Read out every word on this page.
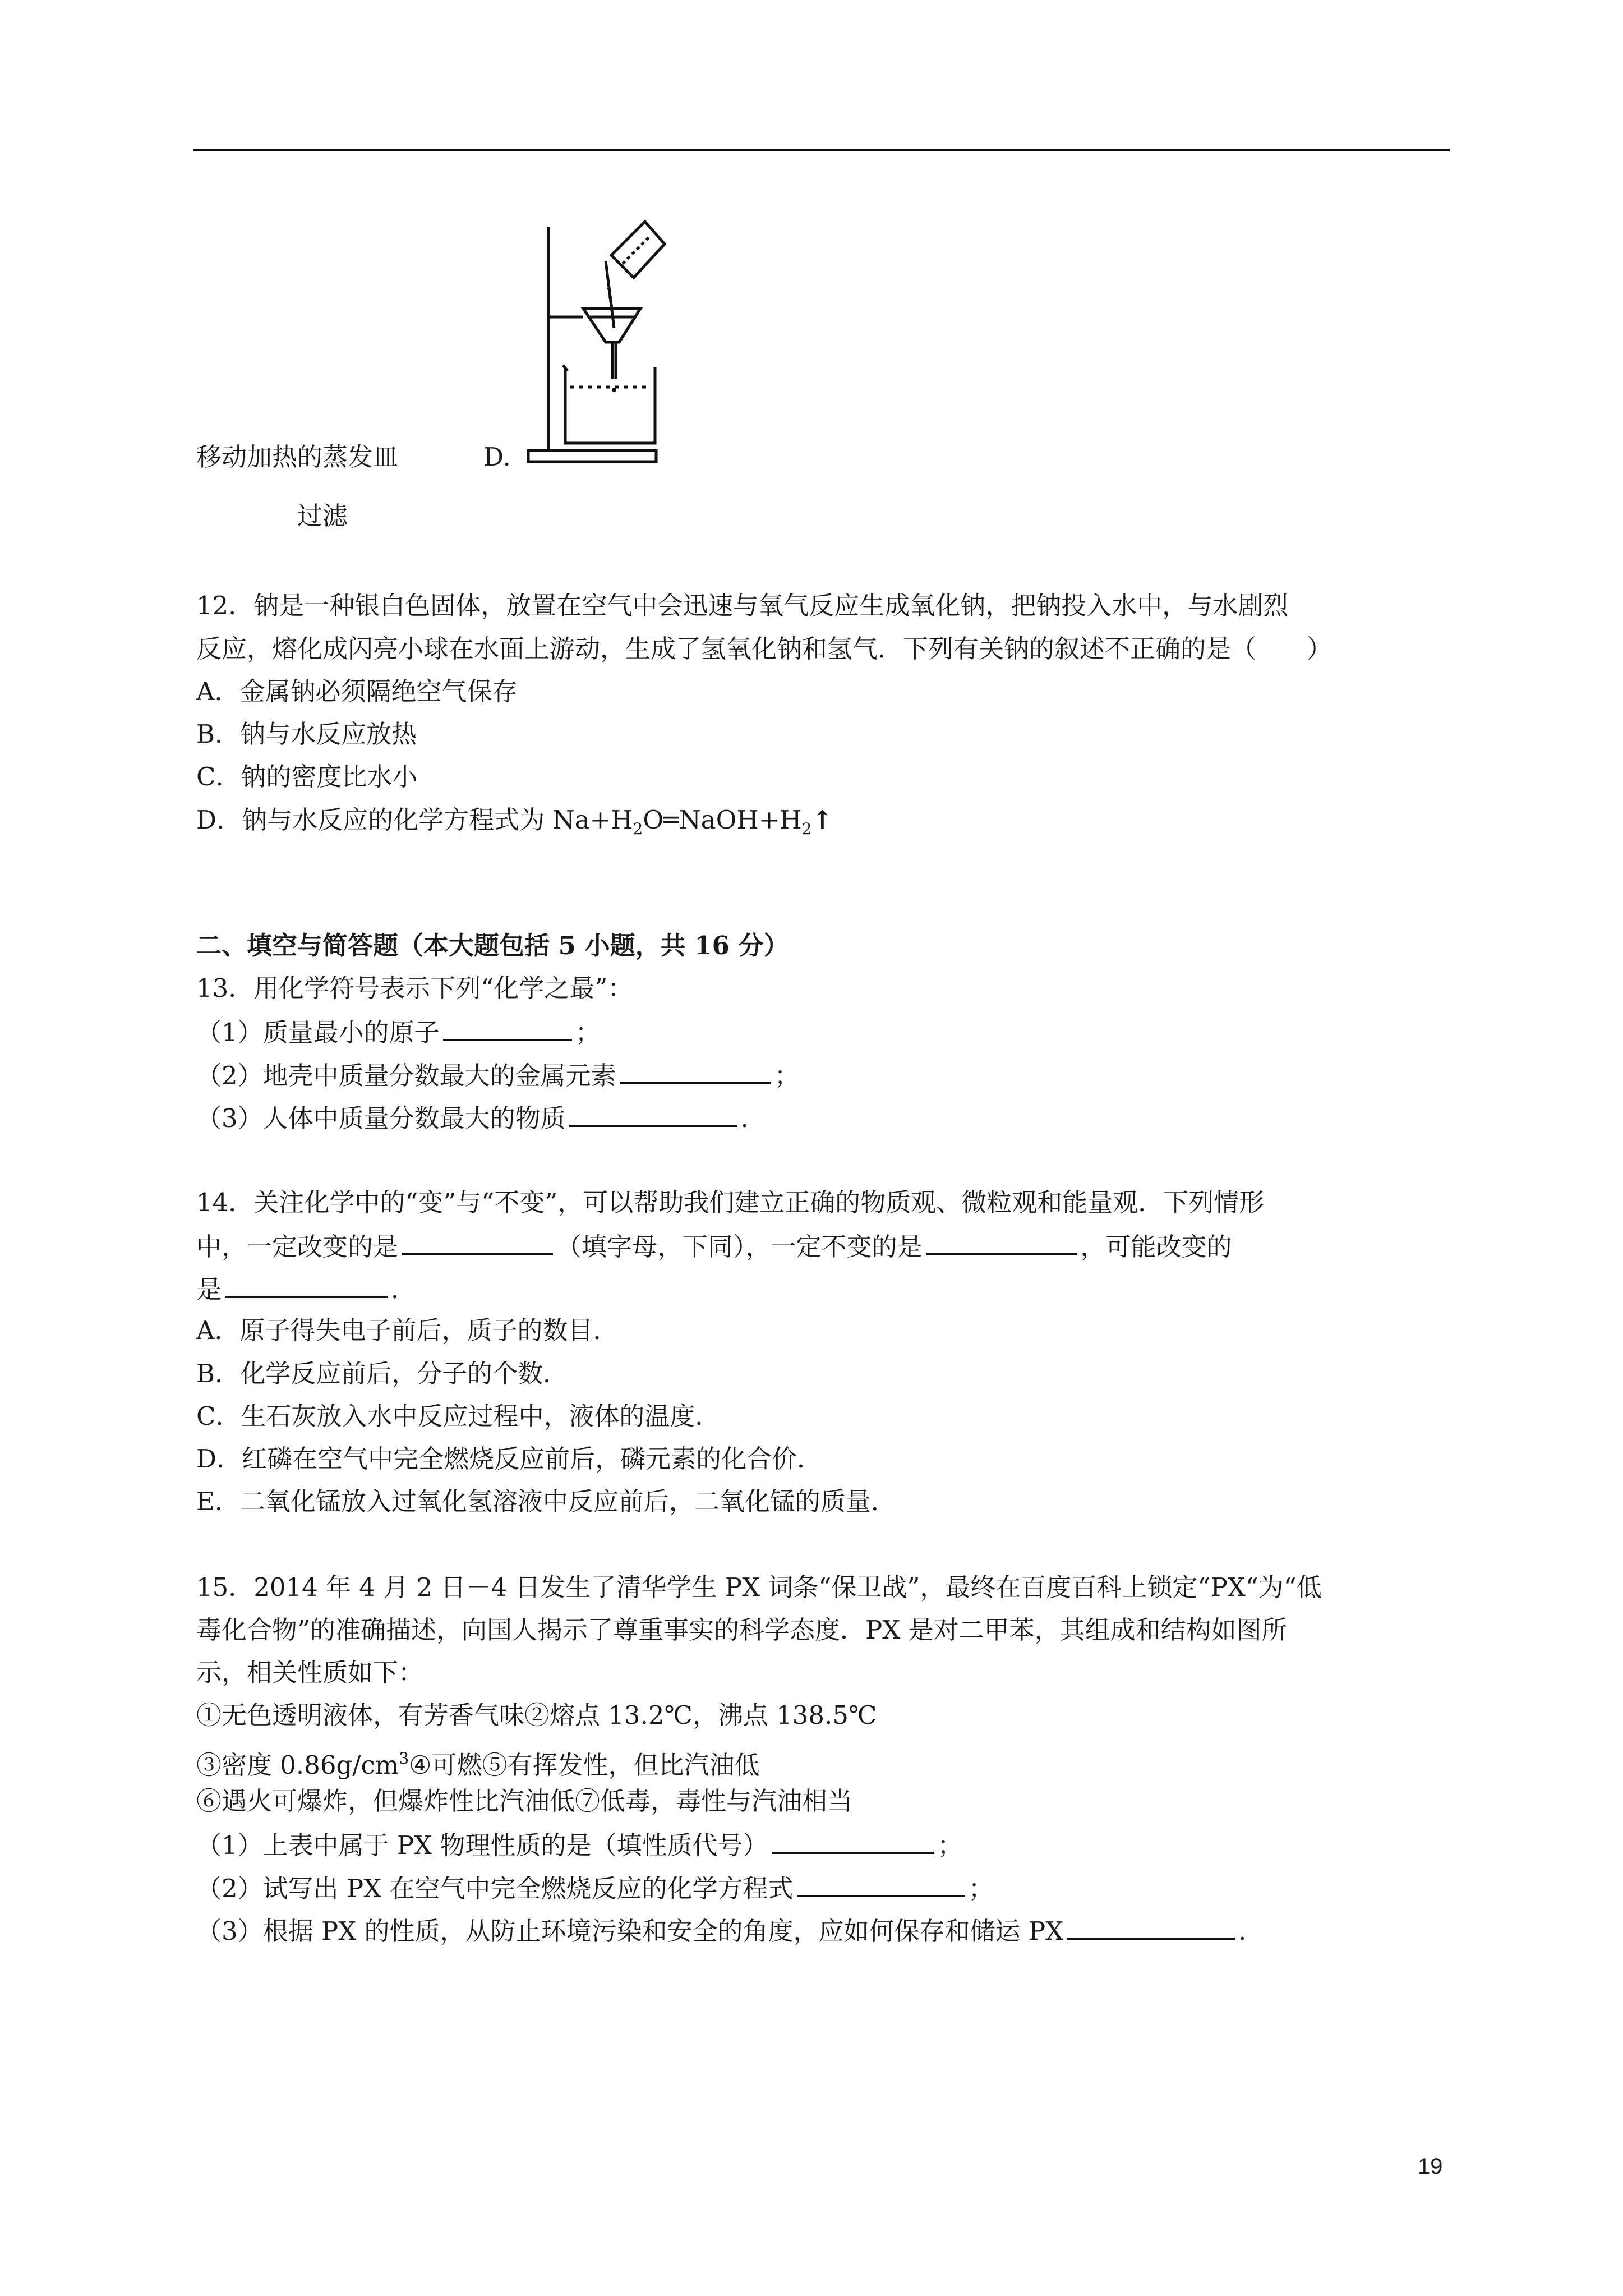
移动加热的蒸发皿	D.
过滤
12．钠是一种银白色固体，放置在空气中会迅速与氧气反应生成氧化钠，把钠投入水中，与水剧烈
反应，熔化成闪亮小球在水面上游动，生成了氢氧化钠和氢气．下列有关钠的叙述不正确的是（　　）
A．金属钠必须隔绝空气保存
B．钠与水反应放热
C．钠的密度比水小
D．钠与水反应的化学方程式为 $Na+H_2O═NaOH+H_2↑$
二、填空与简答题（本大题包括 5 小题，共 16 分）
13．用化学符号表示下列“化学之最”：
（1）质量最小的原子	；
（2）地壳中质量分数最大的金属元素	；
（3）人体中质量分数最大的物质	．
14．关注化学中的“变”与“不变”，可以帮助我们建立正确的物质观、微粒观和能量观．下列情形
中，一定改变的是	（填字母，下同），一定不变的是	，可能改变的
是	．
A．原子得失电子前后，质子的数目．
B．化学反应前后，分子的个数．
C．生石灰放入水中反应过程中，液体的温度．
D．红磷在空气中完全燃烧反应前后，磷元素的化合价．
E．二氧化锰放入过氧化氢溶液中反应前后，二氧化锰的质量．
15．2014 年 4 月 2 日－4 日发生了清华学生 PX 词条“保卫战”，最终在百度百科上锁定“PX“为“低
毒化合物”的准确描述，向国人揭示了尊重事实的科学态度．PX 是对二甲苯，其组成和结构如图所
示，相关性质如下：
①无色透明液体，有芳香气味②熔点 13.2℃，沸点 138.5℃
③密度 $0.86g/cm^3④$可燃⑤有挥发性，但比汽油低
⑥遇火可爆炸，但爆炸性比汽油低⑦低毒，毒性与汽油相当
（1）上表中属于 PX 物理性质的是（填性质代号）	；
（2）试写出 PX 在空气中完全燃烧反应的化学方程式	；
（3）根据 PX 的性质，从防止环境污染和安全的角度，应如何保存和储运 PX	．
19
